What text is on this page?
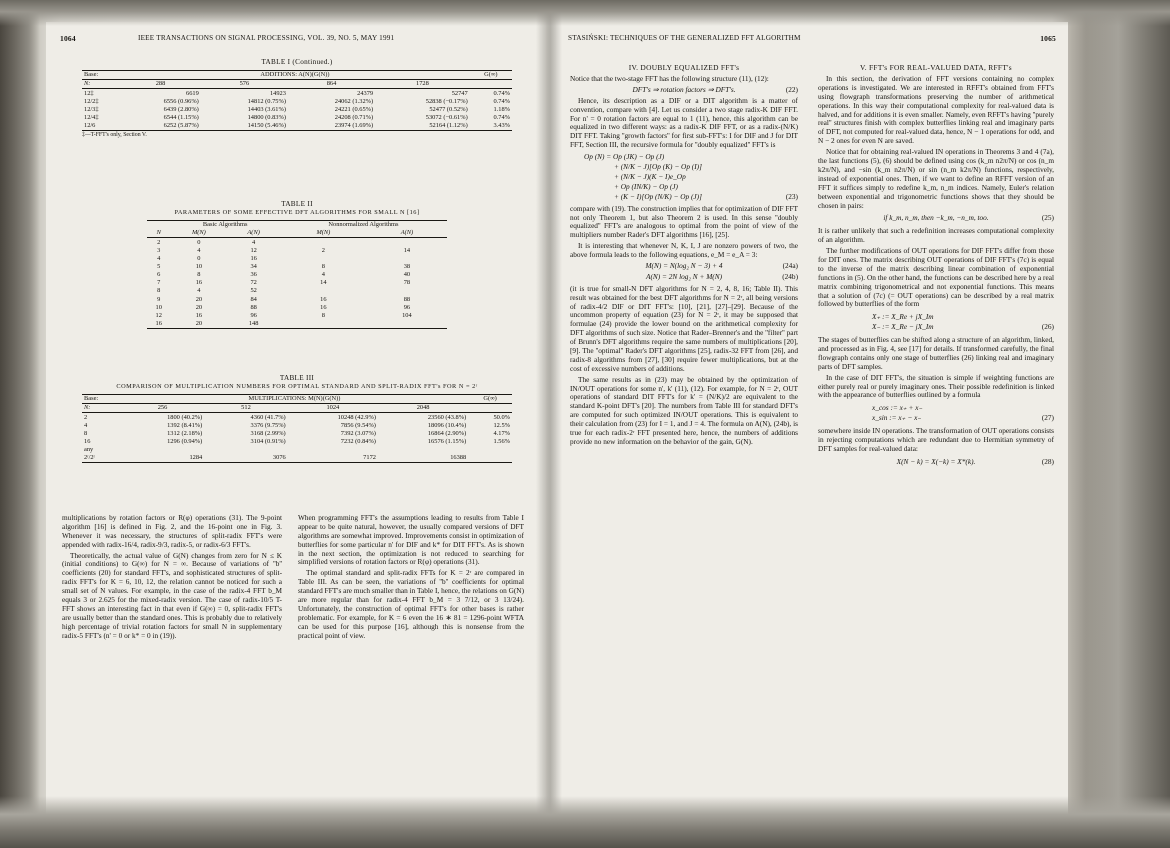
1064	IEEE TRANSACTIONS ON SIGNAL PROCESSING, VOL. 39, NO. 5, MAY 1991
TABLE I (Continued.)
Base:	ADDITIONS: A(N)(G(N))				G(∞)
N:	288	576	864	1728	
12‡	6619	14923	24379	52747	0.74%
12/2‡	6556 (0.96%)	14812 (0.75%)	24062 (1.32%)	52838 (−0.17%)	0.74%
12/3‡	6439 (2.80%)	14403 (3.61%)	24221 (0.65%)	52477 (0.52%)	1.18%
12/4‡	6544 (1.15%)	14800 (0.83%)	24208 (0.71%)	53072 (−0.61%)	0.74%
12/6	6252 (5.87%)	14150 (5.46%)	23974 (1.69%)	52164 (1.12%)	3.43%
‡—T-FFT's only, Section V.
TABLE II
PARAMETERS OF SOME EFFECTIVE DFT ALGORITHMS FOR SMALL N [16]
	Basic Algorithms		Nonnormalized Algorithms	
N	M(N)	A(N)	M(N)	A(N)
2	0	4		
3	4	12	2	14
4	0	16		
5	10	34	8	38
6	8	36	4	40
7	16	72	14	78
8	4	52		
9	20	84	16	88
10	20	88	16	96
12	16	96	8	104
16	20	148		
TABLE III
COMPARISON OF MULTIPLICATION NUMBERS FOR OPTIMAL STANDARD AND SPLIT-RADIX FFT's FOR N = 2ʳ
Base:	MULTIPLICATIONS: M(N)(G(N))				G(∞)
N:	256	512	1024	2048	
2	1800 (40.2%)	4360 (41.7%)	10248 (42.9%)	23560 (43.8%)	50.0%
4	1392 (8.41%)	3376 (9.75%)	7856 (9.54%)	18096 (10.4%)	12.5%
8	1312 (2.18%)	3168 (2.99%)	7392 (3.07%)	16864 (2.90%)	4.17%
16	1296 (0.94%)	3104 (0.91%)	7232 (0.84%)	16576 (1.15%)	1.56%
any					
2ʳ/2ʳ	1284	3076	7172	16388	

multiplications by rotation factors or R(φ) operations (31). The 9-point algorithm [16] is defined in Fig. 2, and the 16-point one in Fig. 3. Whenever it was necessary, the structures of split-radix FFT's were appended with radix-16/4, radix-9/3, radix-5, or radix-6/3 FFT's.

Theoretically, the actual value of G(N) changes from zero for N ≤ K (initial conditions) to G(∞) for N = ∞. Because of variations of ''b'' coefficients (20) for standard FFT's, and sophisticated structures of split-radix FFT's for K = 6, 10, 12, the relation cannot be noticed for such a small set of N values. For example, in the case of the radix-4 FFT b_M equals 3 or 2.625 for the mixed-radix version. The case of radix-10/5 T-FFT shows an interesting fact in that even if G(∞) = 0, split-radix FFT's are usually better than the standard ones. This is probably due to relatively high percentage of trivial rotation factors for small N in supplementary radix-5 FFT's (n' = 0 or k* = 0 in (19)).

When programming FFT's the assumptions leading to results from Table I appear to be quite natural, however, the usually compared versions of DFT algorithms are somewhat improved. Improvements consist in optimization of butterflies for some particular n' for DIF and k* for DIT FFT's. As is shown in the next section, the optimization is not reduced to searching for simplified versions of rotation factors or R(φ) operations (31).

The optimal standard and split-radix FFTs for K = 2ʳ are compared in Table III. As can be seen, the variations of ''b'' coefficients for optimal standard FFT's are much smaller than in Table I, hence, the relations on G(N) are more regular than for radix-4 FFT b_M = 3 7/12, or 3 13/24). Unfortunately, the construction of optimal FFT's for other bases is rather problematic. For example, for K = 6 even the 16 ∗ 81 = 1296-point WFTA can be used for this purpose [16], although this is nonsense from the practical point of view.

STASIŃSKI: TECHNIQUES OF THE GENERALIZED FFT ALGORITHM	1065
IV. DOUBLY EQUALIZED FFT's

Notice that the two-stage FFT has the following structure (11), (12):

DFT's ⇒ rotation factors ⇒ DFT's.	(22)

Hence, its description as a DIF or a DIT algorithm is a matter of convention, compare with [4]. Let us consider a two stage radix-K DIF FFT. For n' = 0 rotation factors are equal to 1 (11), hence, this algorithm can be equalized in two different ways: as a radix-K DIF FFT, or as a radix-(N/K) DIT FFT. Taking ''growth factors'' for first sub-FFT's: I for DIF and J for DIT FFT, Section III, the recursive formula for ''doubly equalized'' FFT's is

Op (N) = Op (JK) − Op (J)
+ (N/K − J)[Op (K) − Op (I)]
+ (N/K − J)(K − I)e_Op
+ Op (IN/K) − Op (J)
+ (K − I)[Op (N/K) − Op (J)]	(23)

compare with (19). The construction implies that for optimization of DIF FFT not only Theorem 1, but also Theorem 2 is used. In this sense ''doubly equalized'' FFT's are analogous to optimal from the point of view of the multipliers number Rader's DFT algorithms [16], [25].

It is interesting that whenever N, K, I, J are nonzero powers of two, the above formula leads to the following equations, e_M = e_A = 3:

M(N) = N(log₂ N − 3) + 4	(24a)
A(N) = 2N log₂ N + M(N)	(24b)

(it is true for small-N DFT algorithms for N = 2, 4, 8, 16; Table II). This result was obtained for the best DFT algorithms for N = 2ʳ, all being versions of radix-4/2 DIF or DIT FFT's: [10], [21], [27]–[29]. Because of the uncommon property of equation (23) for N = 2ʳ, it may be supposed that formulae (24) provide the lower bound on the arithmetical complexity for DFT algorithms of such size. Notice that Rader–Brenner's and the ''filter'' part of Brunn's DFT algorithms require the same numbers of multiplications [20], [9]. The ''optimal'' Rader's DFT algorithms [25], radix-32 FFT from [26], and radix-8 algorithms from [27], [30] require fewer multiplications, but at the cost of excessive numbers of additions.

The same results as in (23) may be obtained by the optimization of IN/OUT operations for some n', k' (11), (12). For example, for N = 2ʳ, OUT operations of standard DIT FFT's for k' = (N/K)/2 are equivalent to the standard K-point DFT's [20]. The numbers from Table III for standard DFT's are computed for such optimized IN/OUT operations. This is equivalent to their calculation from (23) for I = 1, and J = 4. The formula on A(N), (24b), is true for each radix-2ʳ FFT presented here, hence, the numbers of additions provide no new information on the behavior of the gain, G(N).

V. FFT's FOR REAL-VALUED DATA, RFFT's

In this section, the derivation of FFT versions containing no complex operations is investigated. We are interested in RFFT's obtained from FFT's using flowgraph transformations preserving the number of arithmetical operations. In this way their computational complexity for real-valued data is halved, and for additions it is even smaller. Namely, even RFFT's having ''purely real'' structures finish with complex butterflies linking real and imaginary parts of DFT, not computed for real-valued data, hence, N − 1 operations for odd, and N − 2 ones for even N are saved.

Notice that for obtaining real-valued IN operations in Theorems 3 and 4 (7a), the last functions (5), (6) should be defined using cos (k_m n2π/N) or cos (n_m k2π/N), and −sin (k_m n2π/N) or sin (n_m k2π/N) functions, respectively, instead of exponential ones. Then, if we want to define an RFFT version of an FFT it suffices simply to redefine k_m, n_m indices. Namely, Euler's relation between exponential and trigonometric functions shows that they should be chosen in pairs:

if k_m, n_m, then −k_m, −n_m, too.	(25)

It is rather unlikely that such a redefinition increases computational complexity of an algorithm.

The further modifications of OUT operations for DIF FFT's differ from those for DIT ones. The matrix describing OUT operations of DIF FFT's (7c) is equal to the inverse of the matrix describing linear combination of exponential functions in (5). On the other hand, the functions can be described here by a real matrix combining trigonometrical and not exponential functions. This means that a solution of (7c) (= OUT operations) can be described by a real matrix followed by butterflies of the form

X₊ := X_Re + jX_Im
X₋ := X_Re − jX_Im	(26)

The stages of butterflies can be shifted along a structure of an algorithm, linked, and processed as in Fig. 4, see [17] for details. If transformed carefully, the final flowgraph contains only one stage of butterflies (26) linking real and imaginary parts of DFT samples.

In the case of DIT FFT's, the situation is simple if weighting functions are either purely real or purely imaginary ones. Their possible redefinition is linked with the appearance of butterflies outlined by a formula

x_cos := x₊ + x₋
x_sin := x₊ − x₋	(27)

somewhere inside IN operations. The transformation of OUT operations consists in rejecting computations which are redundant due to Hermitian symmetry of DFT samples for real-valued data:

X(N − k) = X(−k) = X*(k).	(28)
